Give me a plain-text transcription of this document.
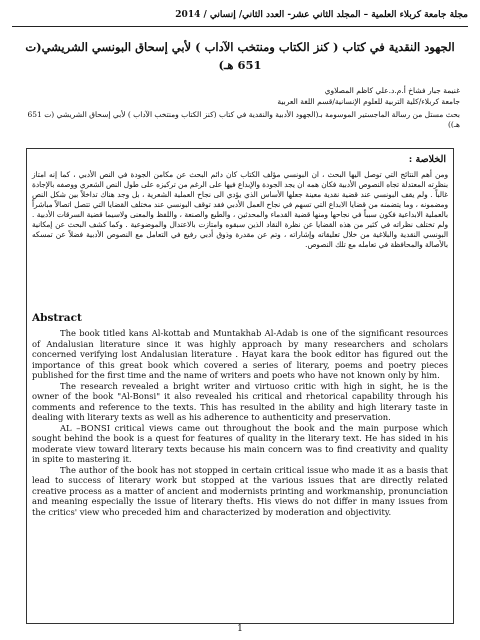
مجلة جامعة كربلاء العلمية – المجلد الثاني عشر- العدد الثاني/ إنساني / 2014
الجهود النقدية في كتاب ( كنز الكتاب ومنتخب الآداب ) لأبي إسحاق البونسي الشريشي(ت 651 هـ)
غنيمة جبار فشاخ أ.م.د.علي كاظم المصلاوي
جامعة كربلاء/كلية التربية للعلوم الإنسانية/قسم اللغة العربية
بحث مستل من رسالة الماجستير الموسومة بـ(الجهود الأدبية والنقدية في كتاب (كنز الكتاب ومنتخب الآداب ) لأبي إسحاق الشريشي (ت 651 هـ))
الخلاصة :
ومن أهم النتائج التي توصل اليها البحث ، ان البونسي مؤلف الكتاب كان دائم البحث عن مكامن الجودة في النص الأدبي ، كما إنه امتاز بنظرته المعتدلة تجاه النصوص الأدبية فكان همه ان يجد الجودة والإبداع فيها على الرغم من تركيزه على طول النص الشعري ووصفه بالإجادة غالباً . ولم يقف البونسي عند قضية نقدية معينة جعلها الأساس الذي يؤدي الى نجاح العملية الشعرية ، بل وجد هناك تداخلاً بين شكل النص ومضمونه ، وما يتضمنه من قضايا الابداع التي تسهم في نجاح العمل الأدبي فقد توقف البونسي عند مختلف القضايا التي تتصل اتصالاً مباشراً بالعملية الابداعية فكون سبباً في نجاحها ومنها قضية القدماء والمحدثين ، والطبع والصنعة ، واللفظ والمعنى ولاسيما قضية السرقات الأدبية . ولم تختلف نظراته في كثير من هذه القضايا عن نظرة النقاد الذين سبقوه وامتازت بالاعتدال والموضوعية . وكما كشف البحث عن إمكانية البونسي النقدية والبلاغية من خلال تعليقاته وإشاراته ، وتم عن مقدرة وذوق أدبي رفيع في التعامل مع النصوص الأدبية فضلاً عن تمسكه بالأصالة والمحافظة في تعامله مع تلك النصوص.
Abstract

The book titled kans Al-kottab and Muntakhab Al-Adab is one of the significant resources of Andalusian literature since it was highly approach by many researchers and scholars concerned verifying lost Andalusian literature . Hayat kara the book editor has figured out the importance of this great book which covered a series of literary, poems and poetry pieces published for the first time and the name of writers and poets who have not known only by him.

The research revealed a bright writer and virtuoso critic with high in sight, he is the owner of the book "Al-Bonsi" it also revealed his critical and rhetorical capability through his comments and reference to the texts. This has resulted in the ability and high literary taste in dealing with literary texts as well as his adherence to authenticity and preservation.

AL –BONSI critical views came out throughout the book and the main purpose which sought behind the book is a quest for features of quality in the literary text. He has sided in his moderate view toward literary texts because his main concern was to find creativity and quality in spite to mastering it.

The author of the book has not stopped in certain critical issue who made it as a basis that lead to success of literary work but stopped at the various issues that are directly related creative process as a matter of ancient and modernists printing and workmanship, pronunciation and meaning especially the issue of literary thefts. His views do not differ in many issues from the critics' view who preceded him and characterized by moderation and objectivity.

1
